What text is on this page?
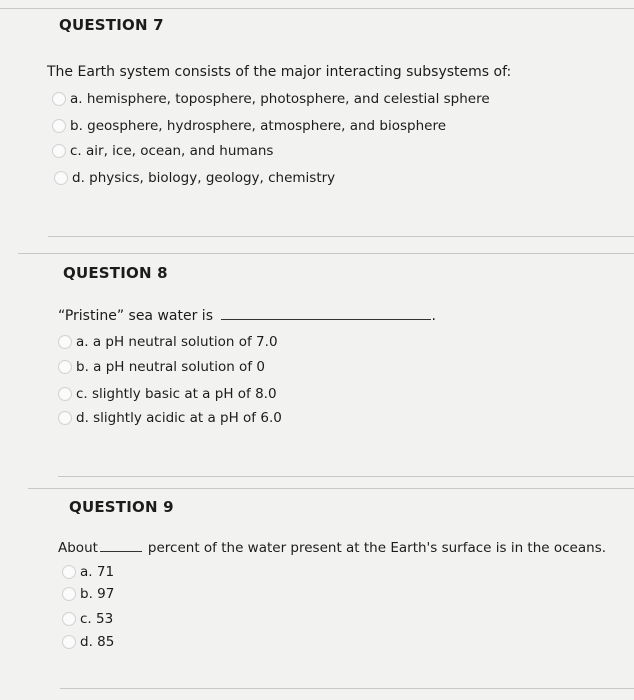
QUESTION 7
The Earth system consists of the major interacting subsystems of:
a. hemisphere, toposphere, photosphere, and celestial sphere
b. geosphere, hydrosphere, atmosphere, and biosphere
c. air, ice, ocean, and humans
d. physics, biology, geology, chemistry
QUESTION 8
“Pristine” sea water is	.
a. a pH neutral solution of 7.0
b. a pH neutral solution of 0
c. slightly basic at a pH of 8.0
d. slightly acidic at a pH of 6.0
QUESTION 9
About	percent of the water present at the Earth's surface is in the oceans.
a. 71
b. 97
c. 53
d. 85
